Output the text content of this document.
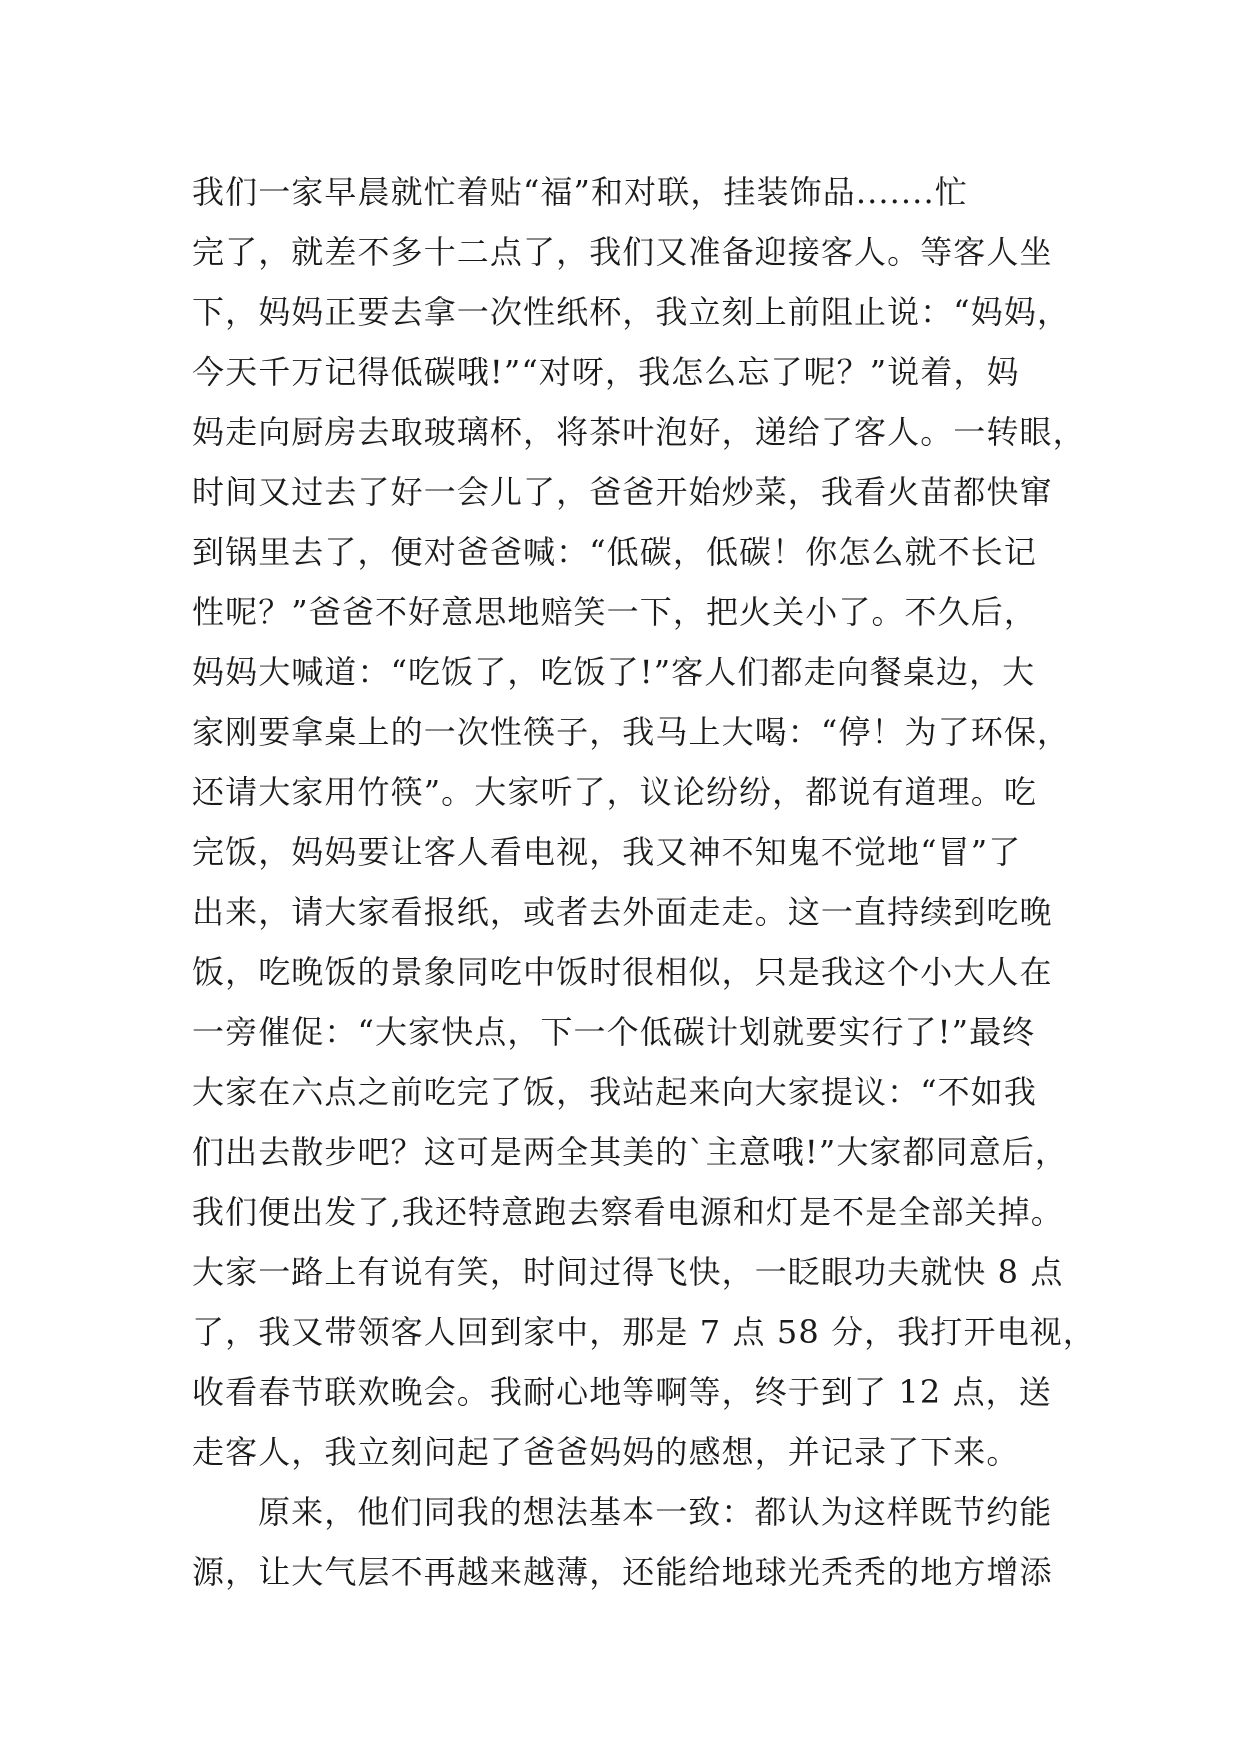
我们一家早晨就忙着贴“福”和对联，挂装饰品.......忙
完了，就差不多十二点了，我们又准备迎接客人。等客人坐
下，妈妈正要去拿一次性纸杯，我立刻上前阻止说：“妈妈，
今天千万记得低碳哦!”“对呀，我怎么忘了呢？”说着，妈
妈走向厨房去取玻璃杯，将茶叶泡好，递给了客人。一转眼，
时间又过去了好一会儿了，爸爸开始炒菜，我看火苗都快窜
到锅里去了，便对爸爸喊：“低碳，低碳！你怎么就不长记
性呢？”爸爸不好意思地赔笑一下，把火关小了。不久后，
妈妈大喊道：“吃饭了，吃饭了!”客人们都走向餐桌边，大
家刚要拿桌上的一次性筷子，我马上大喝：“停！为了环保，
还请大家用竹筷”。大家听了，议论纷纷，都说有道理。吃
完饭，妈妈要让客人看电视，我又神不知鬼不觉地“冒”了
出来，请大家看报纸，或者去外面走走。这一直持续到吃晚
饭，吃晚饭的景象同吃中饭时很相似，只是我这个小大人在
一旁催促：“大家快点，下一个低碳计划就要实行了!”最终
大家在六点之前吃完了饭，我站起来向大家提议：“不如我
们出去散步吧？这可是两全其美的`主意哦!”大家都同意后，
我们便出发了,我还特意跑去察看电源和灯是不是全部关掉。
大家一路上有说有笑，时间过得飞快，一眨眼功夫就快 8 点
了，我又带领客人回到家中，那是 7 点 58 分，我打开电视，
收看春节联欢晚会。我耐心地等啊等，终于到了 12 点，送
走客人，我立刻问起了爸爸妈妈的感想，并记录了下来。
原来，他们同我的想法基本一致：都认为这样既节约能
源，让大气层不再越来越薄，还能给地球光秃秃的地方增添
